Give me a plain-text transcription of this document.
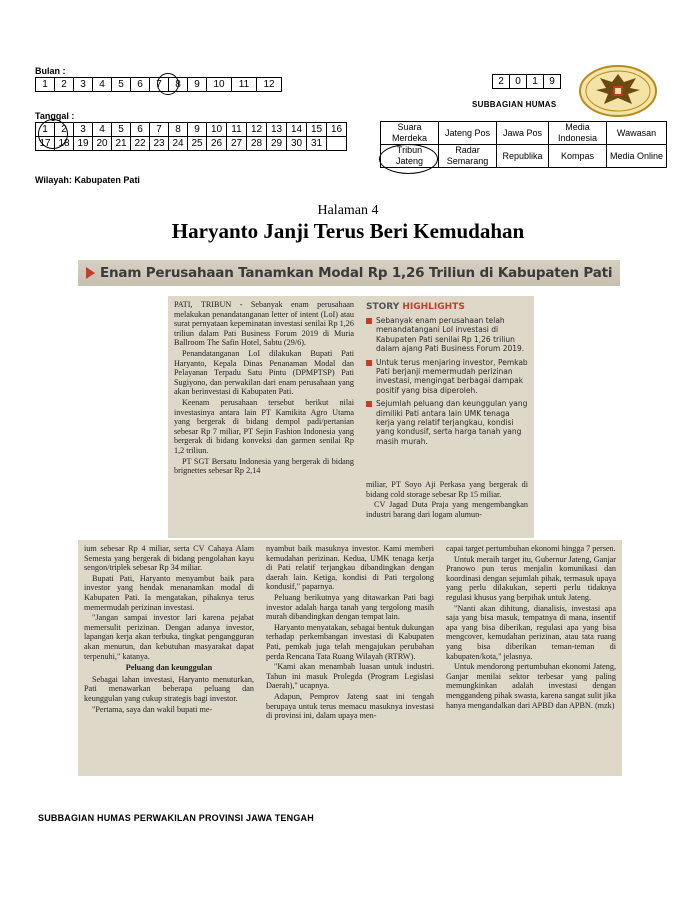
Bulan :
1	2	3	4	5	6	7	8	9	10	11	12	2	0	1	9
SUBBAGIAN HUMAS
Tanggal :
1	2	3	4	5	6	7	8	9	10	11	12	13	14	15	16
17	18	19	20	21	22	23	24	25	26	27	28	29	30	31	
Suara Merdeka	Jateng Pos	Jawa Pos	Media Indonesia	Wawasan
Tribun Jateng	Radar Semarang	Republika	Kompas	Media Online
Wilayah: Kabupaten Pati
Halaman 4
Haryanto Janji Terus Beri Kemudahan
Enam Perusahaan Tanamkan Modal Rp 1,26 Triliun di Kabupaten Pati

PATI, TRIBUN - Sebanyak enam perusahaan melakukan penandatanganan letter of intent (LoI) atau surat pernyataan kepeminatan investasi senilai Rp 1,26 triliun dalam Pati Business Forum 2019 di Muria Ballroom The Safin Hotel, Sabtu (29/6).

Penandatanganan LoI dilakukan Bupati Pati Haryanto, Kepala Dinas Penanaman Modal dan Pelayanan Terpadu Satu Pintu (DPMPTSP) Pati Sugiyono, dan perwakilan dari enam perusahaan yang akan berinvestasi di Kabupaten Pati.

Keenam perusahaan tersebut berikut nilai investasinya antara lain PT Kamikita Agro Utama yang bergerak di bidang dempol padi/pertanian sebesar Rp 7 miliar, PT Sejin Fashion Indonesia yang bergerak di bidang konveksi dan garmen senilai Rp 1,2 triliun.

PT SGT Bersatu Indonesia yang bergerak di bidang brignettes sebesar Rp 2,14

STORY HIGHLIGHTS
Sebanyak enam perusahaan telah menandatangani LoI investasi di Kabupaten Pati senilai Rp 1,26 triliun dalam ajang Pati Business Forum 2019.
Untuk terus menjaring investor, Pemkab Pati berjanji memermudah perizinan investasi, mengingat berbagai dampak positif yang bisa diperoleh.
Sejumlah peluang dan keunggulan yang dimiliki Pati antara lain UMK tenaga kerja yang relatif terjangkau, kondisi yang kondusif, serta harga tanah yang masih murah.

miliar, PT Soyo Aji Perkasa yang bergerak di bidang cold storage sebesar Rp 15 miliar.

CV Jagad Duta Praja yang mengembangkan industri barang dari logam alumun-

ium sebesar Rp 4 miliar, serta CV Cahaya Alam Semesta yang bergerak di bidang pengolahan kayu sengon/triplek sebesar Rp 34 miliar.

Bupati Pati, Haryanto menyambut baik para investor yang hendak menanamkan modal di Kabupaten Pati. Ia mengatakan, pihaknya terus memermudah perizinan investasi.

"Jangan sampai investor lari karena pejabat memersulit perizinan. Dengan adanya investor, lapangan kerja akan terbuka, tingkat pengangguran akan menurun, dan kebutuhan masyarakat dapat terpenuhi," katanya.

Peluang dan keunggulan

Sebagai lahan investasi, Haryanto menuturkan, Pati menawarkan beberapa peluang dan keunggulan yang cukup strategis bagi investor.

"Pertama, saya dan wakil bupati me-

nyambut baik masuknya investor. Kami memberi kemudahan perizinan. Kedua, UMK tenaga kerja di Pati relatif terjangkau dibandingkan dengan daerah lain. Ketiga, kondisi di Pati tergolong kondusif," paparnya.

Peluang berikutnya yang ditawarkan Pati bagi investor adalah harga tanah yang tergolong masih murah dibandingkan dengan tempat lain.

Haryanto menyatakan, sebagai bentuk dukungan terhadap perkembangan investasi di Kabupaten Pati, pemkab juga telah mengajukan perubahan perda Rencana Tata Ruang Wilayah (RTRW).

"Kami akan menambah luasan untuk industri. Tahun ini masuk Prolegda (Program Legislasi Daerah)," ucapnya.

Adapun, Pemprov Jateng saat ini tengah berupaya untuk terus memacu masuknya investasi di provinsi ini, dalam upaya men-

capai target pertumbuhan ekonomi hingga 7 persen.

Untuk meraih target itu, Gubernur Jateng, Ganjar Pranowo pun terus menjalin komunikasi dan koordinasi dengan sejumlah pihak, termasuk upaya yang perlu dilakukan, seperti perlu tidaknya regulasi khusus yang berpihak untuk Jateng.

"Nanti akan dihitung, dianalisis, investasi apa saja yang bisa masuk, tempatnya di mana, insentif apa yang bisa diberikan, regulasi apa yang bisa mengcover, kemudahan perizinan, atau tata ruang yang bisa diberikan teman-teman di kabupaten/kota," jelasnya.

Untuk mendorong pertumbuhan ekonomi Jateng, Ganjar menilai sektor terbesar yang paling memungkinkan adalah investasi dengan menggandeng pihak swasta, karena sangat sulit jika hanya mengandalkan dari APBD dan APBN. (mzk)

SUBBAGIAN HUMAS PERWAKILAN PROVINSI JAWA TENGAH
